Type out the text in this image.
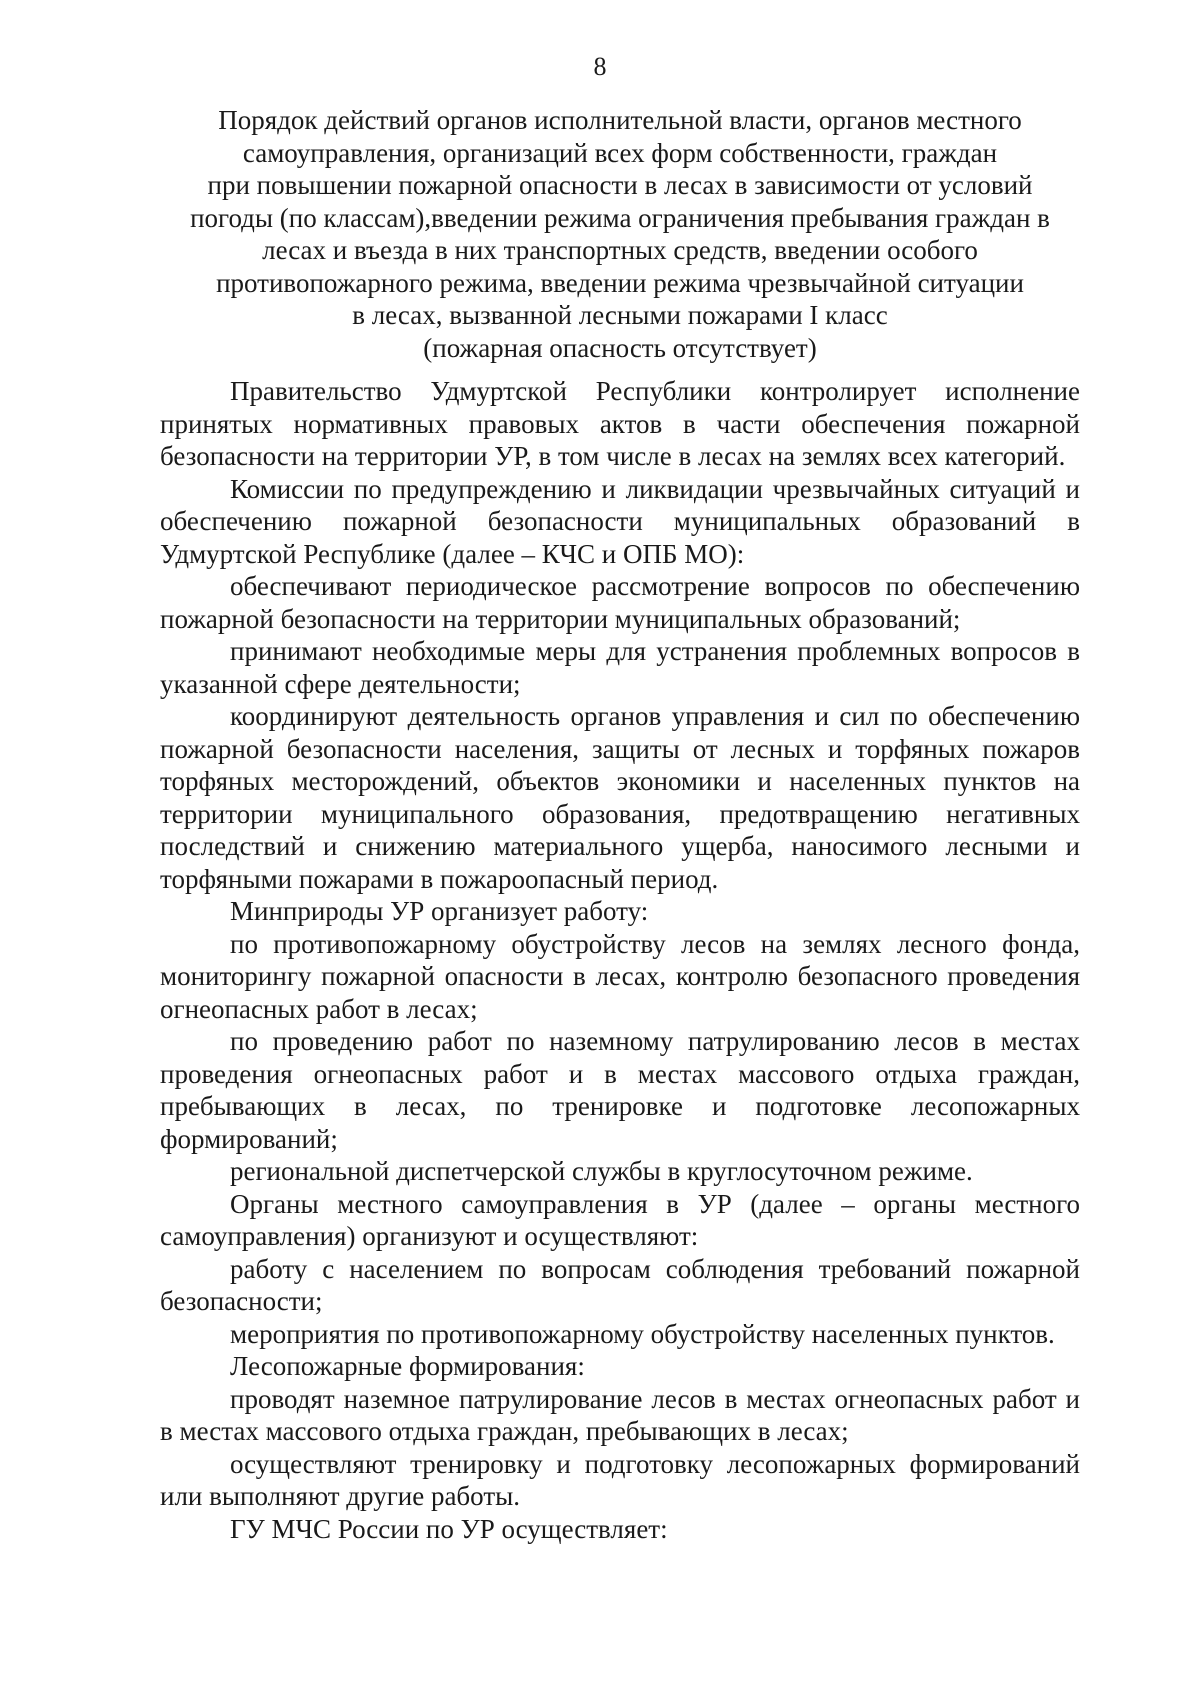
8
Порядок действий органов исполнительной власти, органов местного
самоуправления, организаций всех форм собственности, граждан
при повышении пожарной опасности в лесах в зависимости от условий
погоды (по классам),введении режима ограничения пребывания граждан в
лесах и въезда в них транспортных средств, введении особого
противопожарного режима, введении режима чрезвычайной ситуации
в лесах, вызванной лесными пожарами I класс
(пожарная опасность отсутствует)

Правительство Удмуртской Республики контролирует исполнение принятых нормативных правовых актов в части обеспечения пожарной безопасности на территории УР, в том числе в лесах на землях всех категорий.

Комиссии по предупреждению и ликвидации чрезвычайных ситуаций и обеспечению пожарной безопасности муниципальных образований в Удмуртской Республике (далее – КЧС и ОПБ МО):

обеспечивают периодическое рассмотрение вопросов по обеспечению пожарной безопасности на территории муниципальных образований;

принимают необходимые меры для устранения проблемных вопросов в указанной сфере деятельности;

координируют деятельность органов управления и сил по обеспечению пожарной безопасности населения, защиты от лесных и торфяных пожаров торфяных месторождений, объектов экономики и населенных пунктов на территории муниципального образования, предотвращению негативных последствий и снижению материального ущерба, наносимого лесными и торфяными пожарами в пожароопасный период.

Минприроды УР организует работу:

по противопожарному обустройству лесов на землях лесного фонда, мониторингу пожарной опасности в лесах, контролю безопасного проведения огнеопасных работ в лесах;

по проведению работ по наземному патрулированию лесов в местах проведения огнеопасных работ и в местах массового отдыха граждан, пребывающих в лесах, по тренировке и подготовке лесопожарных формирований;

региональной диспетчерской службы в круглосуточном режиме.

Органы местного самоуправления в УР (далее – органы местного самоуправления) организуют и осуществляют:

работу с населением по вопросам соблюдения требований пожарной безопасности;

мероприятия по противопожарному обустройству населенных пунктов.

Лесопожарные формирования:

проводят наземное патрулирование лесов в местах огнеопасных работ и в местах массового отдыха граждан, пребывающих в лесах;

осуществляют тренировку и подготовку лесопожарных формирований или выполняют другие работы.

ГУ МЧС России по УР осуществляет:
